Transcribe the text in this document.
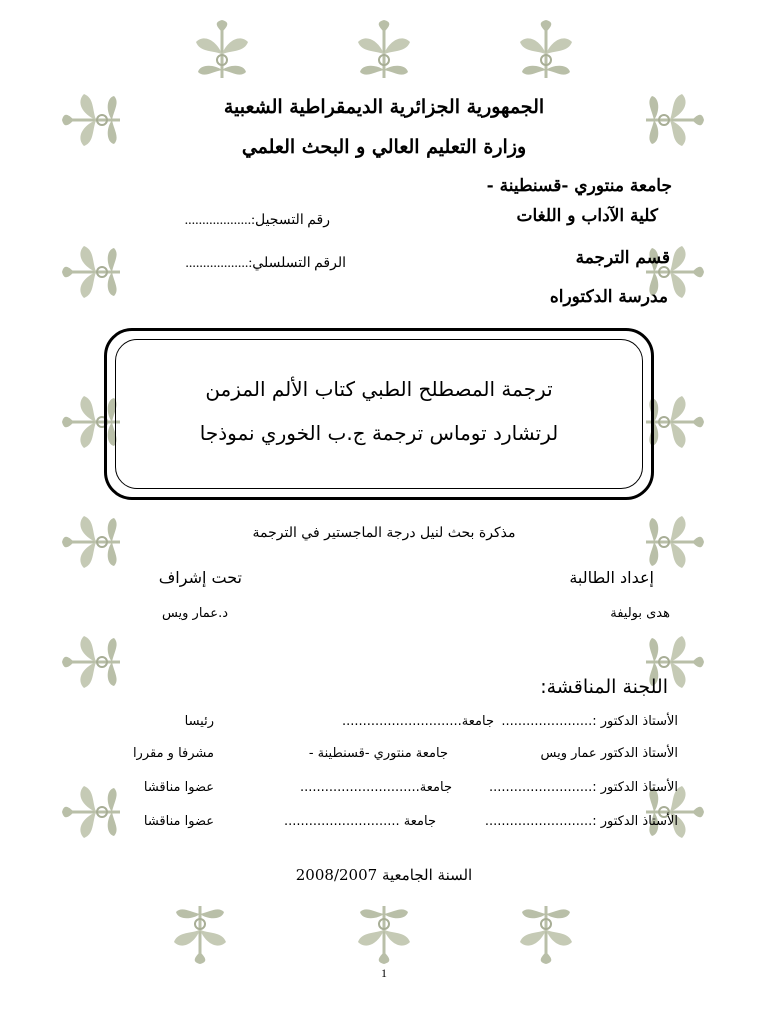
الجمهورية الجزائرية الديمقراطية الشعبية
وزارة التعليم العالي و البحث العلمي
جامعة منتوري -قسنطينة -
كلية الآداب و اللغات
رقم التسجيل:...................
قسم الترجمة
الرقم التسلسلي:..................
مدرسة الدكتوراه
ترجمة المصطلح الطبي كتاب الألم المزمن
لرتشارد توماس ترجمة ج.ب الخوري نموذجا
مذكرة بحث لنيل درجة الماجستير في الترجمة
إعداد الطالبة
هدى بوليفة
تحت إشراف
د.عمار ويس
اللجنة المناقشة:
الأستاذ الدكتور :......................
جامعة.............................
رئيسا
الأستاذ الدكتور عمار ويس
جامعة منتوري -قسنطينة -
مشرفا و مقررا
الأستاذ الدكتور :.........................
جامعة.............................
عضوا مناقشا
الأستاذ الدكتور :..........................
جامعة ............................
عضوا مناقشا
السنة الجامعية 2008/2007
1
